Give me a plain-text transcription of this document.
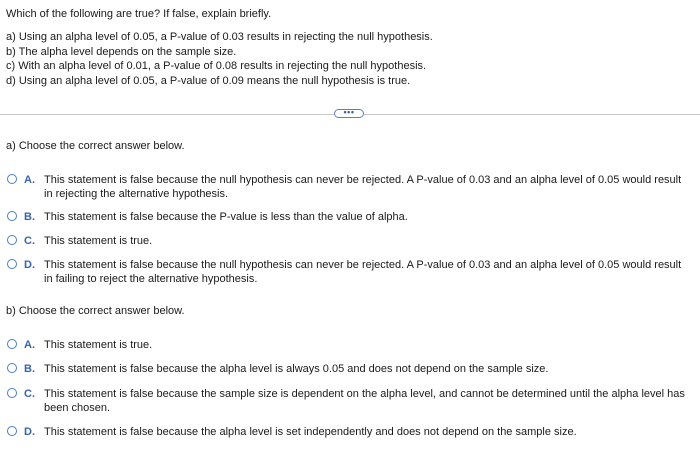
Which of the following are true? If false, explain briefly.
a) Using an alpha level of 0.05, a P-value of 0.03 results in rejecting the null hypothesis.
b) The alpha level depends on the sample size.
c) With an alpha level of 0.01, a P-value of 0.08 results in rejecting the null hypothesis.
d) Using an alpha level of 0.05, a P-value of 0.09 means the null hypothesis is true.
•••
a) Choose the correct answer below.
A. This statement is false because the null hypothesis can never be rejected. A P-value of 0.03 and an alpha level of 0.05 would result in rejecting the alternative hypothesis.
B. This statement is false because the P-value is less than the value of alpha.
C. This statement is true.
D. This statement is false because the null hypothesis can never be rejected. A P-value of 0.03 and an alpha level of 0.05 would result in failing to reject the alternative hypothesis.
b) Choose the correct answer below.
A. This statement is true.
B. This statement is false because the alpha level is always 0.05 and does not depend on the sample size.
C. This statement is false because the sample size is dependent on the alpha level, and cannot be determined until the alpha level has been chosen.
D. This statement is false because the alpha level is set independently and does not depend on the sample size.
